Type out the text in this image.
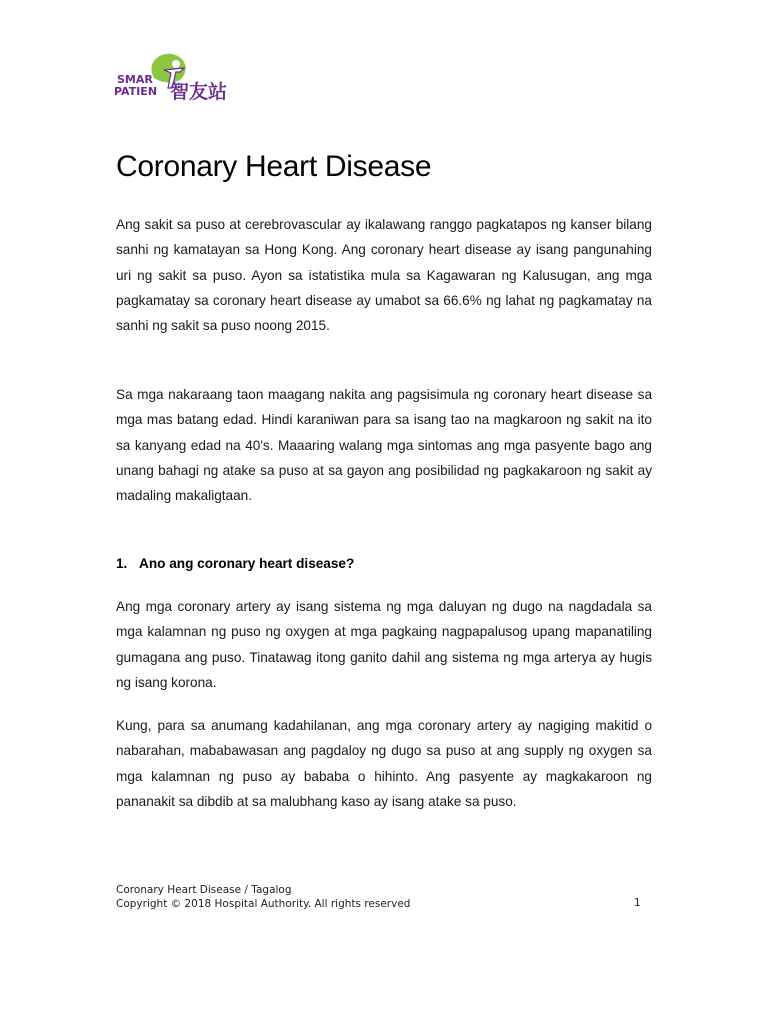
SMAR
PATIEN 智友站
Coronary Heart Disease

Ang sakit sa puso at cerebrovascular ay ikalawang ranggo pagkatapos ng kanser bilang sanhi ng kamatayan sa Hong Kong. Ang coronary heart disease ay isang pangunahing uri ng sakit sa puso. Ayon sa istatistika mula sa Kagawaran ng Kalusugan, ang mga pagkamatay sa coronary heart disease ay umabot sa 66.6% ng lahat ng pagkamatay na sanhi ng sakit sa puso noong 2015.

Sa mga nakaraang taon maagang nakita ang pagsisimula ng coronary heart disease sa mga mas batang edad. Hindi karaniwan para sa isang tao na magkaroon ng sakit na ito sa kanyang edad na 40's. Maaaring walang mga sintomas ang mga pasyente bago ang unang bahagi ng atake sa puso at sa gayon ang posibilidad ng pagkakaroon ng sakit ay madaling makaligtaan.

1. Ano ang coronary heart disease?

Ang mga coronary artery ay isang sistema ng mga daluyan ng dugo na nagdadala sa mga kalamnan ng puso ng oxygen at mga pagkaing nagpapalusog upang mapanatiling gumagana ang puso. Tinatawag itong ganito dahil ang sistema ng mga arterya ay hugis ng isang korona.

Kung, para sa anumang kadahilanan, ang mga coronary artery ay nagiging makitid o nabarahan, mababawasan ang pagdaloy ng dugo sa puso at ang supply ng oxygen sa mga kalamnan ng puso ay bababa o hihinto. Ang pasyente ay magkakaroon ng pananakit sa dibdib at sa malubhang kaso ay isang atake sa puso.

Coronary Heart Disease / Tagalog
Copyright © 2018 Hospital Authority. All rights reserved	1
